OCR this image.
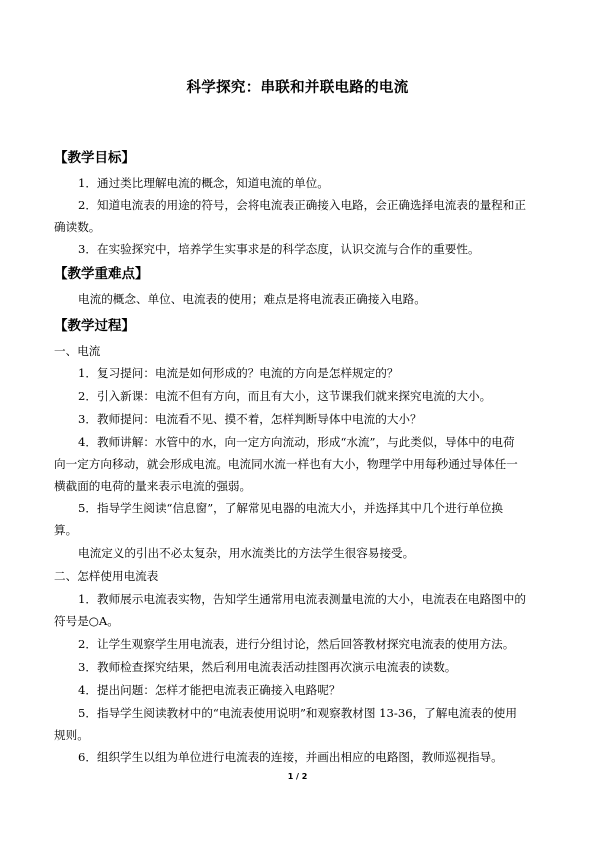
科学探究：串联和并联电路的电流
【教学目标】
1．通过类比理解电流的概念，知道电流的单位。
2．知道电流表的用途的符号，会将电流表正确接入电路，会正确选择电流表的量程和正
确读数。
3．在实验探究中，培养学生实事求是的科学态度，认识交流与合作的重要性。
【教学重难点】
电流的概念、单位、电流表的使用；难点是将电流表正确接入电路。
【教学过程】
一、电流
1．复习提问：电流是如何形成的？电流的方向是怎样规定的？
2．引入新课：电流不但有方向，而且有大小，这节课我们就来探究电流的大小。
3．教师提问：电流看不见、摸不着，怎样判断导体中电流的大小？
4．教师讲解：水管中的水，向一定方向流动，形成“水流”，与此类似，导体中的电荷
向一定方向移动，就会形成电流。电流同水流一样也有大小，物理学中用每秒通过导体任一
横截面的电荷的量来表示电流的强弱。
5．指导学生阅读“信息窗”，了解常见电器的电流大小，并选择其中几个进行单位换
算。
电流定义的引出不必太复杂，用水流类比的方法学生很容易接受。
二、怎样使用电流表
1．教师展示电流表实物，告知学生通常用电流表测量电流的大小，电流表在电路图中的
符号是○A。
2．让学生观察学生用电流表，进行分组讨论，然后回答教材探究电流表的使用方法。
3．教师检查探究结果，然后利用电流表活动挂图再次演示电流表的读数。
4．提出问题：怎样才能把电流表正确接入电路呢？
5．指导学生阅读教材中的“电流表使用说明”和观察教材图 13-36，了解电流表的使用
规则。
6．组织学生以组为单位进行电流表的连接，并画出相应的电路图，教师巡视指导。
1 / 2
